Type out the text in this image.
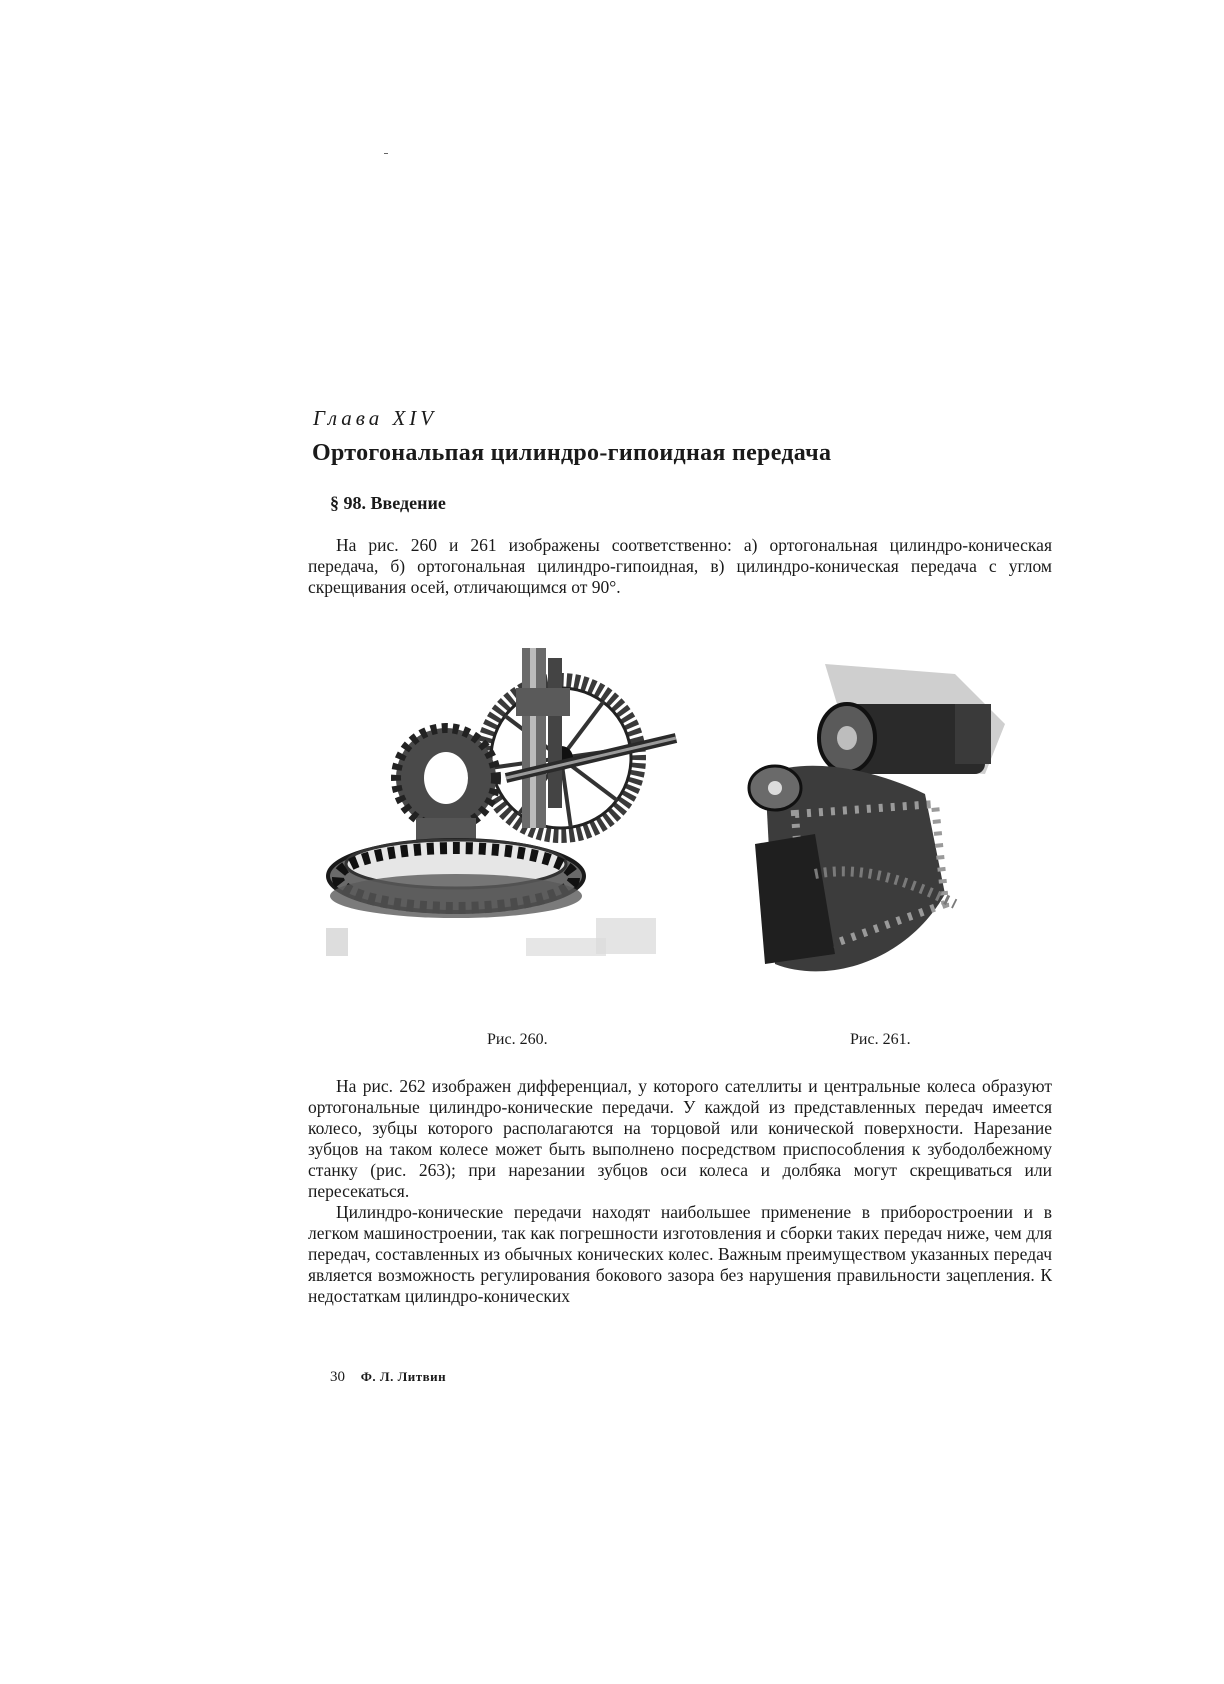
Глава XIV
Ортогональпая цилиндро-гипоидная передача
§ 98. Введение

На рис. 260 и 261 изображены соответственно: а) ортогональная цилиндро-коническая передача, б) ортогональная цилиндро-гипоидная, в) цилиндро-коническая передача с углом скрещивания осей, отличающимся от 90°.

Рис. 260.	Рис. 261.

На рис. 262 изображен дифференциал, у которого сателлиты и центральные колеса образуют ортогональные цилиндро-конические передачи. У каждой из представленных передач имеется колесо, зубцы которого располагаются на торцовой или конической поверхности. Нарезание зубцов на таком колесе может быть выполнено посредством приспособления к зубодолбежному станку (рис. 263); при нарезании зубцов оси колеса и долбяка могут скрещиваться или пересекаться.

Цилиндро-конические передачи находят наибольшее применение в приборостроении и в легком машиностроении, так как погрешности изготовления и сборки таких передач ниже, чем для передач, составленных из обычных конических колес. Важным преимуществом указанных передач является возможность регулирования бокового зазора без нарушения правильности зацепления. К недостаткам цилиндро-конических

30 Ф. Л. Литвин
